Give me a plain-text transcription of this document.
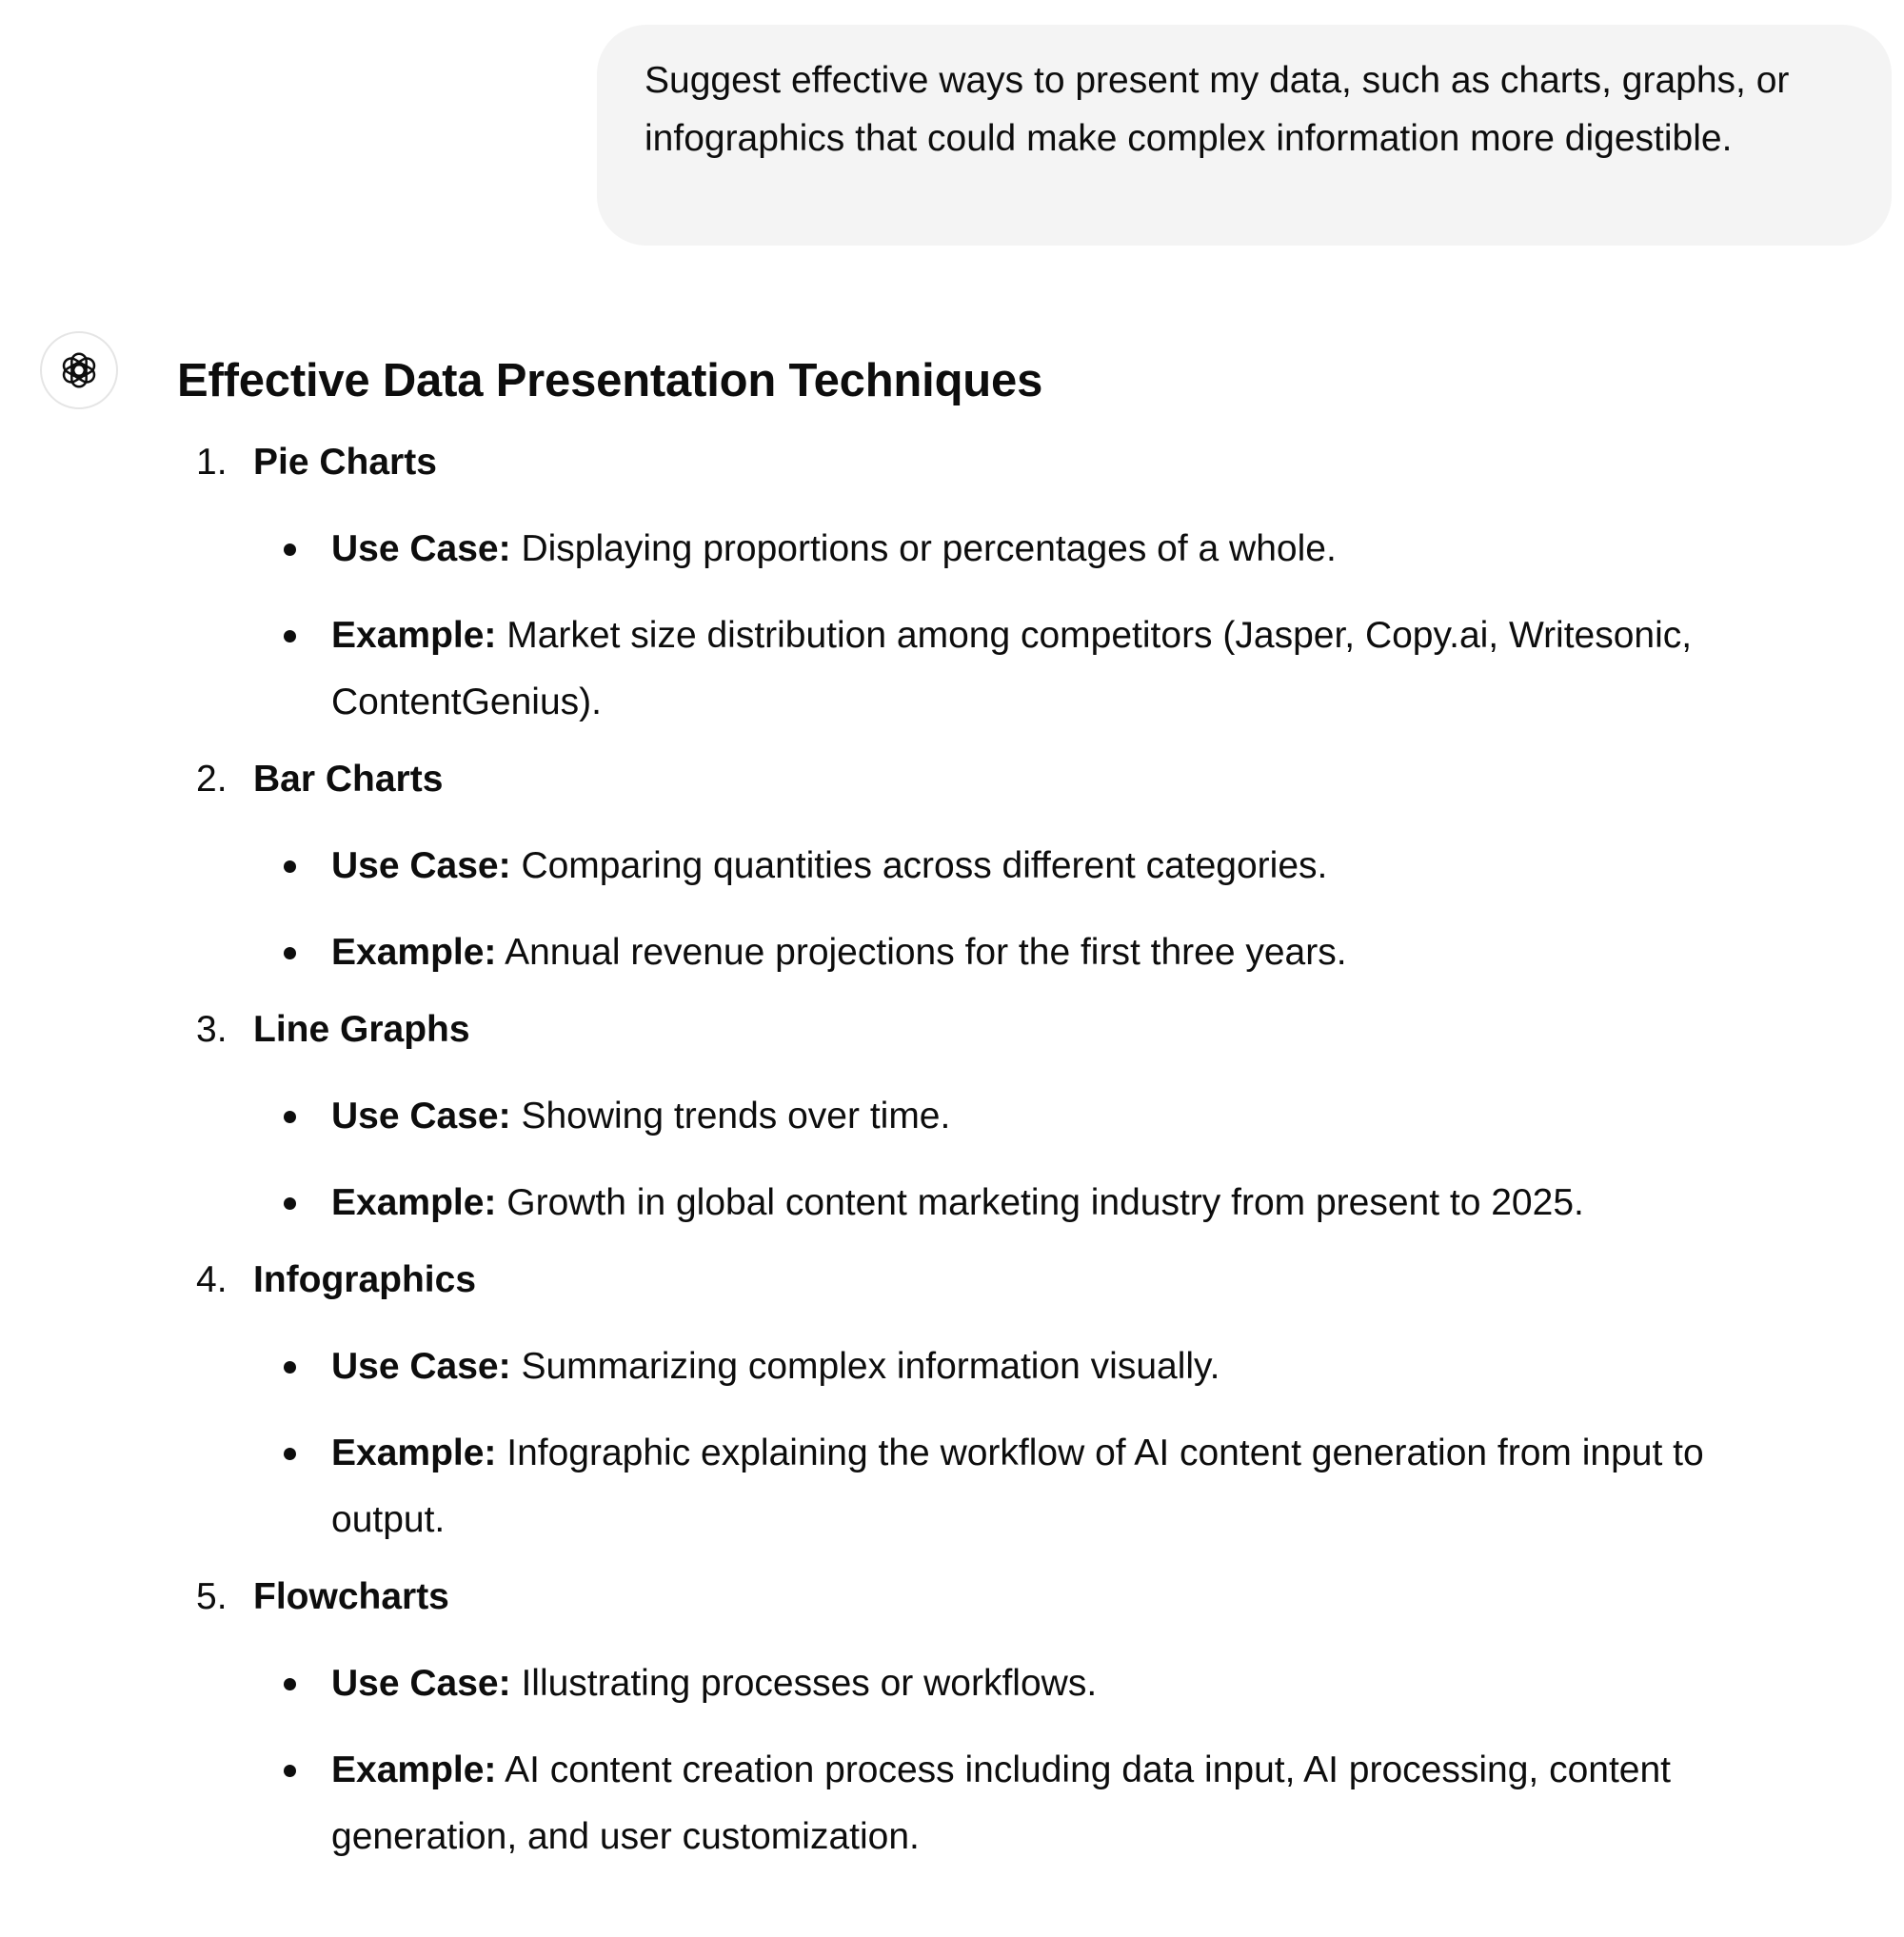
Suggest effective ways to present my data, such as charts, graphs, or infographics that could make complex information more digestible.
Effective Data Presentation Techniques
1. Pie Charts
Use Case: Displaying proportions or percentages of a whole.
Example: Market size distribution among competitors (Jasper, Copy.ai, Writesonic, ContentGenius).
2. Bar Charts
Use Case: Comparing quantities across different categories.
Example: Annual revenue projections for the first three years.
3. Line Graphs
Use Case: Showing trends over time.
Example: Growth in global content marketing industry from present to 2025.
4. Infographics
Use Case: Summarizing complex information visually.
Example: Infographic explaining the workflow of AI content generation from input to output.
5. Flowcharts
Use Case: Illustrating processes or workflows.
Example: AI content creation process including data input, AI processing, content generation, and user customization.
